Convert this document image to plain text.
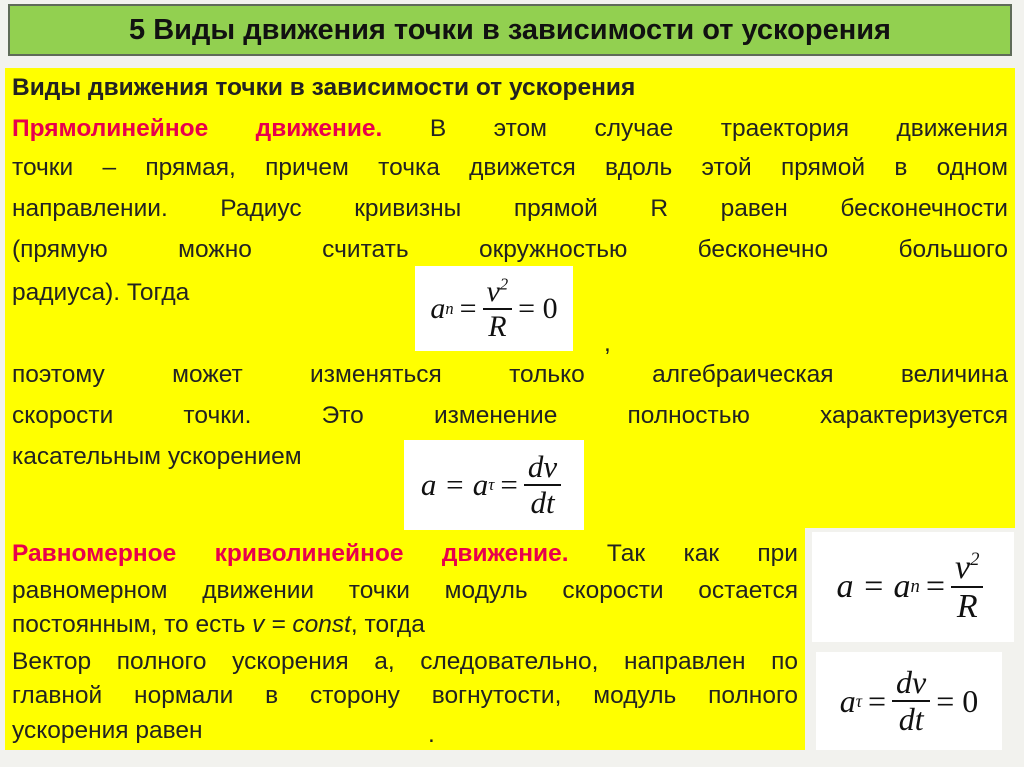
5 Виды движения точки в зависимости от ускорения
Виды движения точки в зависимости от ускорения
Прямолинейное движение. В этом случае траектория движения
точки – прямая, причем точка движется вдоль этой прямой в одном
направлении. Радиус кривизны прямой R равен бесконечности
(прямую можно считать окружностью бесконечно большого
радиуса). Тогда	a $n = \frac{v^2}{R} = 0$
,
поэтому может изменяться только алгебраическая величина
скорости точки. Это изменение полностью характеризуется
касательным ускорением
a = a $\tau = \frac{dv}{dt}$
Равномерное криволинейное движение. Так как при
равномерном движении точки модуль скорости остается
постоянным, то есть v = const, тогда
Вектор полного ускорения а, следовательно, направлен по
главной нормали в сторону вогнутости, модуль полного
ускорения равен	.
a = a $n = \frac{v^2}{R}$
a $\tau = \frac{dv}{dt} = 0$
